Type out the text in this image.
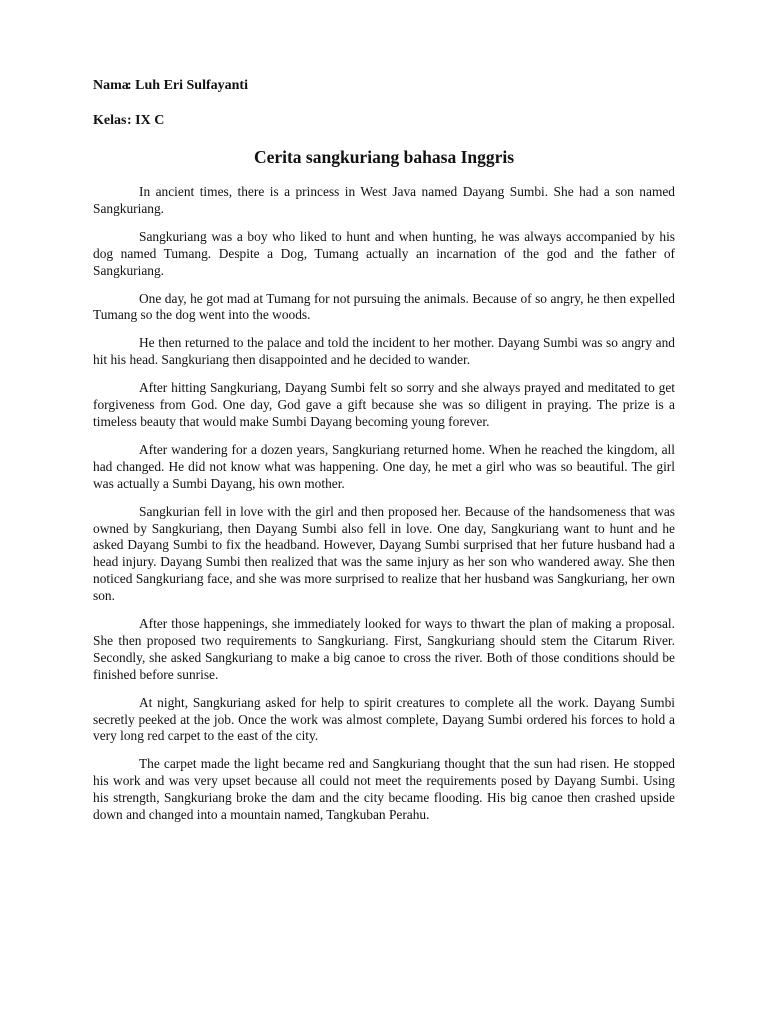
Nama: Luh Eri Sulfayanti
Kelas: IX C
Cerita sangkuriang bahasa Inggris

In ancient times, there is a princess in West Java named Dayang Sumbi. She had a son named Sangkuriang.

Sangkuriang was a boy who liked to hunt and when hunting, he was always accompanied by his dog named Tumang. Despite a Dog, Tumang actually an incarnation of the god and the father of Sangkuriang.

One day, he got mad at Tumang for not pursuing the animals. Because of so angry, he then expelled Tumang so the dog went into the woods.

He then returned to the palace and told the incident to her mother. Dayang Sumbi was so angry and hit his head. Sangkuriang then disappointed and he decided to wander.

After hitting Sangkuriang, Dayang Sumbi felt so sorry and she always prayed and meditated to get forgiveness from God. One day, God gave a gift because she was so diligent in praying. The prize is a timeless beauty that would make Sumbi Dayang becoming young forever.

After wandering for a dozen years, Sangkuriang returned home. When he reached the kingdom, all had changed. He did not know what was happening. One day, he met a girl who was so beautiful. The girl was actually a Sumbi Dayang, his own mother.

Sangkurian fell in love with the girl and then proposed her. Because of the handsomeness that was owned by Sangkuriang, then Dayang Sumbi also fell in love. One day, Sangkuriang want to hunt and he asked Dayang Sumbi to fix the headband. However, Dayang Sumbi surprised that her future husband had a head injury. Dayang Sumbi then realized that was the same injury as her son who wandered away. She then noticed Sangkuriang face, and she was more surprised to realize that her husband was Sangkuriang, her own son.

After those happenings, she immediately looked for ways to thwart the plan of making a proposal. She then proposed two requirements to Sangkuriang. First, Sangkuriang should stem the Citarum River. Secondly, she asked Sangkuriang to make a big canoe to cross the river. Both of those conditions should be finished before sunrise.

At night, Sangkuriang asked for help to spirit creatures to complete all the work. Dayang Sumbi secretly peeked at the job. Once the work was almost complete, Dayang Sumbi ordered his forces to hold a very long red carpet to the east of the city.

The carpet made the light became red and Sangkuriang thought that the sun had risen. He stopped his work and was very upset because all could not meet the requirements posed by Dayang Sumbi. Using his strength, Sangkuriang broke the dam and the city became flooding. His big canoe then crashed upside down and changed into a mountain named, Tangkuban Perahu.
